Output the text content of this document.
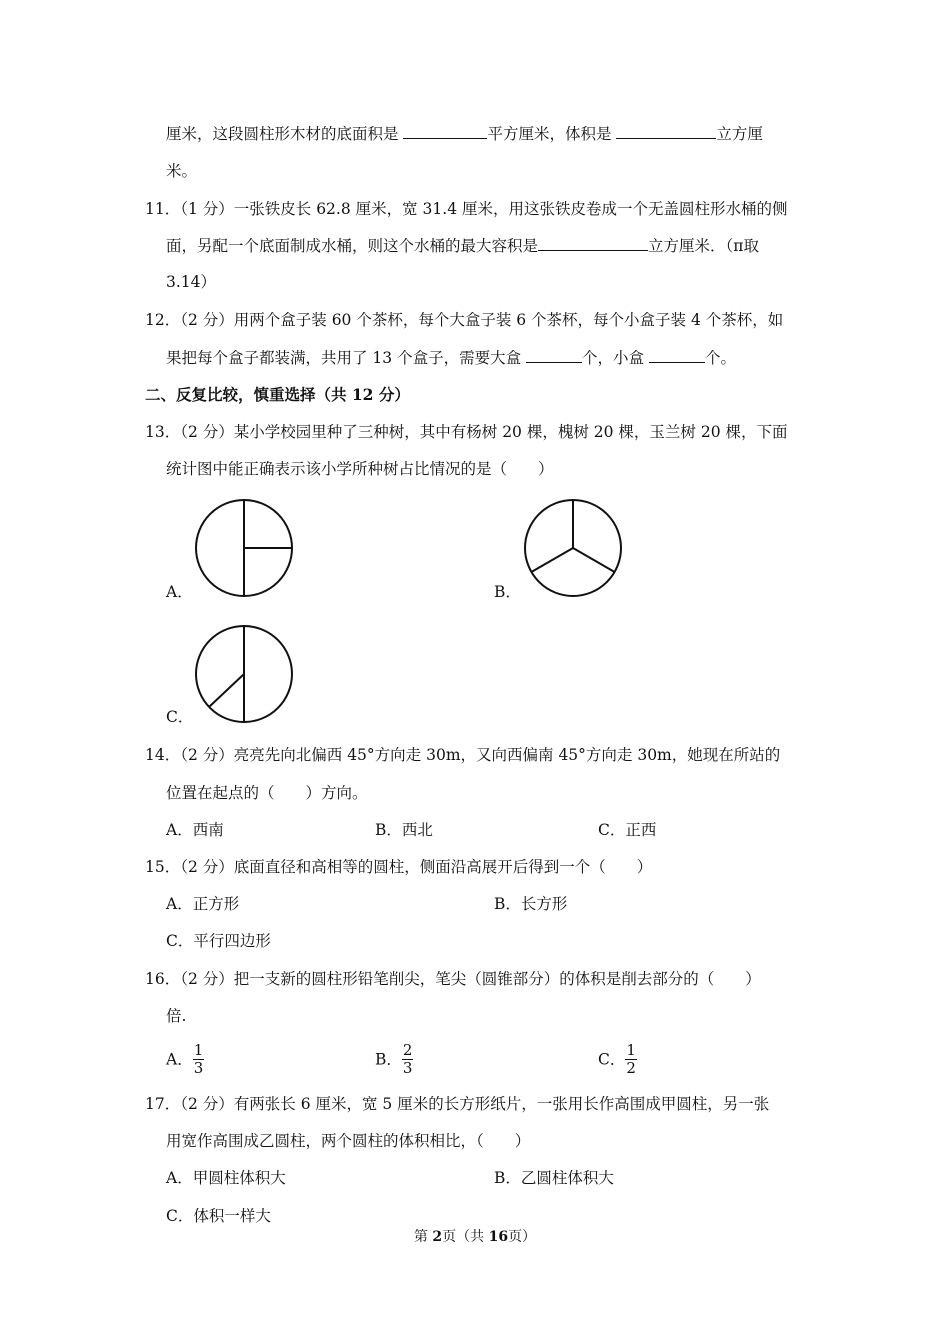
厘米，这段圆柱形木材的底面积是	平方厘米，体积是	立方厘
米。
11．（1 分）一张铁皮长 62.8 厘米，宽 31.4 厘米，用这张铁皮卷成一个无盖圆柱形水桶的侧
面，另配一个底面制成水桶，则这个水桶的最大容积是	立方厘米．（π取
3.14）
12．（2 分）用两个盒子装 60 个茶杯，每个大盒子装 6 个茶杯，每个小盒子装 4 个茶杯，如
果把每个盒子都装满，共用了 13 个盒子，需要大盒	个，小盒	个。
二、反复比较，慎重选择（共 12 分）
13．（2 分）某小学校园里种了三种树，其中有杨树 20 棵，槐树 20 棵，玉兰树 20 棵，下面
统计图中能正确表示该小学所种树占比情况的是（　　）
A．	B．
C．
14．（2 分）亮亮先向北偏西 45°方向走 30m，又向西偏南 45°方向走 30m，她现在所站的
位置在起点的（　　）方向。
A．西南	B．西北	C．正西
15．（2 分）底面直径和高相等的圆柱，侧面沿高展开后得到一个（　　）
A．正方形	B．长方形
C．平行四边形
16．（2 分）把一支新的圆柱形铅笔削尖，笔尖（圆锥部分）的体积是削去部分的（　　）
倍.
A． $\frac{1}{3}$	B． $\frac{2}{3}$	C． $\frac{1}{2}$
17．（2 分）有两张长 6 厘米，宽 5 厘米的长方形纸片，一张用长作高围成甲圆柱，另一张
用宽作高围成乙圆柱，两个圆柱的体积相比，（　　）
A．甲圆柱体积大	B．乙圆柱体积大
C．体积一样大
第 2页（共 16页）
